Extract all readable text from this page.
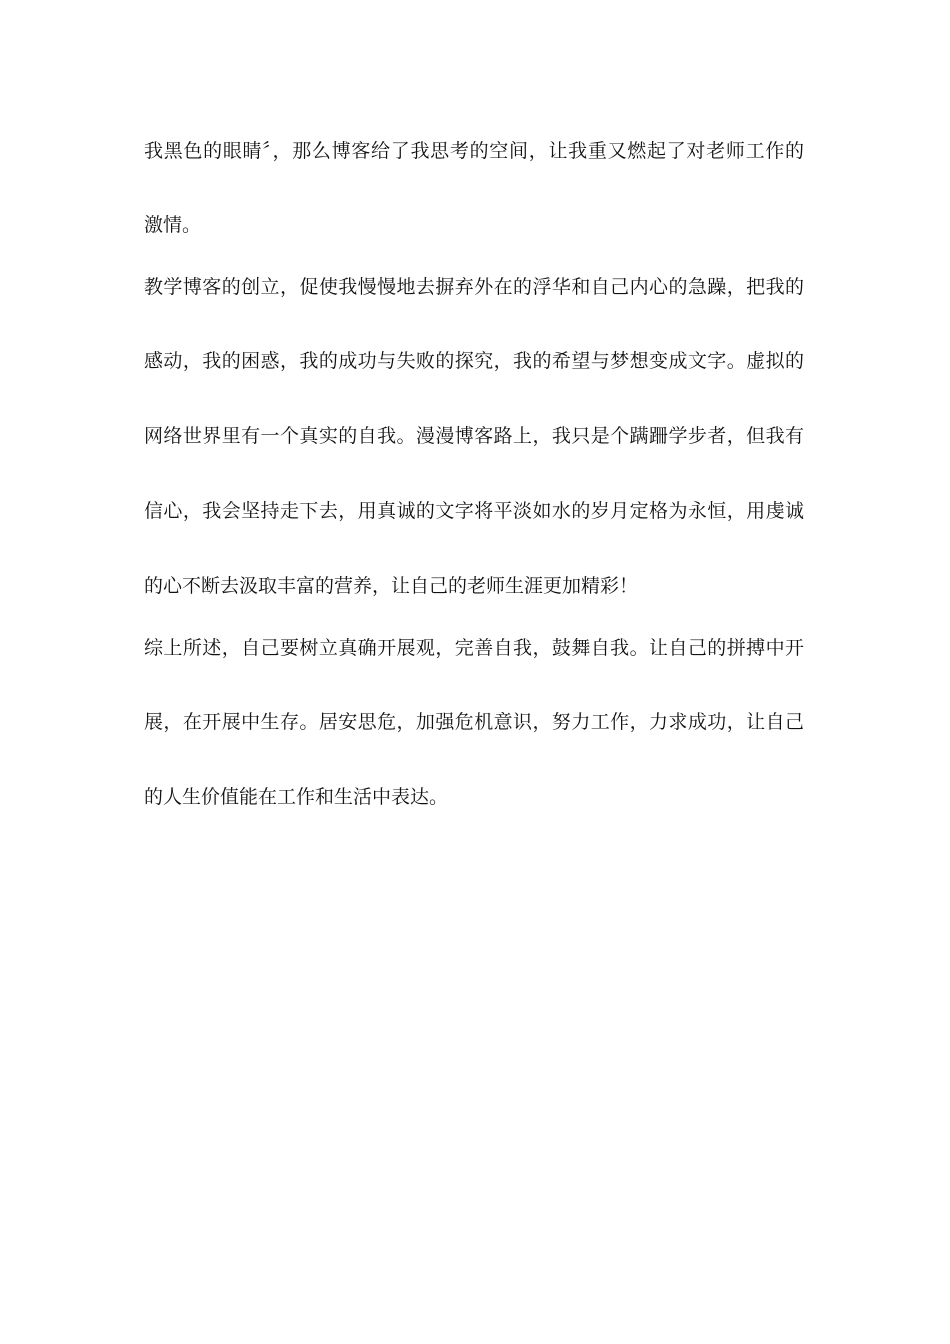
我黑色的眼睛〞，那么博客给了我思考的空间，让我重又燃起了对老师工作的
激情。
教学博客的创立，促使我慢慢地去摒弃外在的浮华和自己内心的急躁，把我的
感动，我的困惑，我的成功与失败的探究，我的希望与梦想变成文字。虚拟的
网络世界里有一个真实的自我。漫漫博客路上，我只是个蹒跚学步者，但我有
信心，我会坚持走下去，用真诚的文字将平淡如水的岁月定格为永恒，用虔诚
的心不断去汲取丰富的营养，让自己的老师生涯更加精彩！
综上所述，自己要树立真确开展观，完善自我，鼓舞自我。让自己的拼搏中开
展，在开展中生存。居安思危，加强危机意识，努力工作，力求成功，让自己
的人生价值能在工作和生活中表达。
